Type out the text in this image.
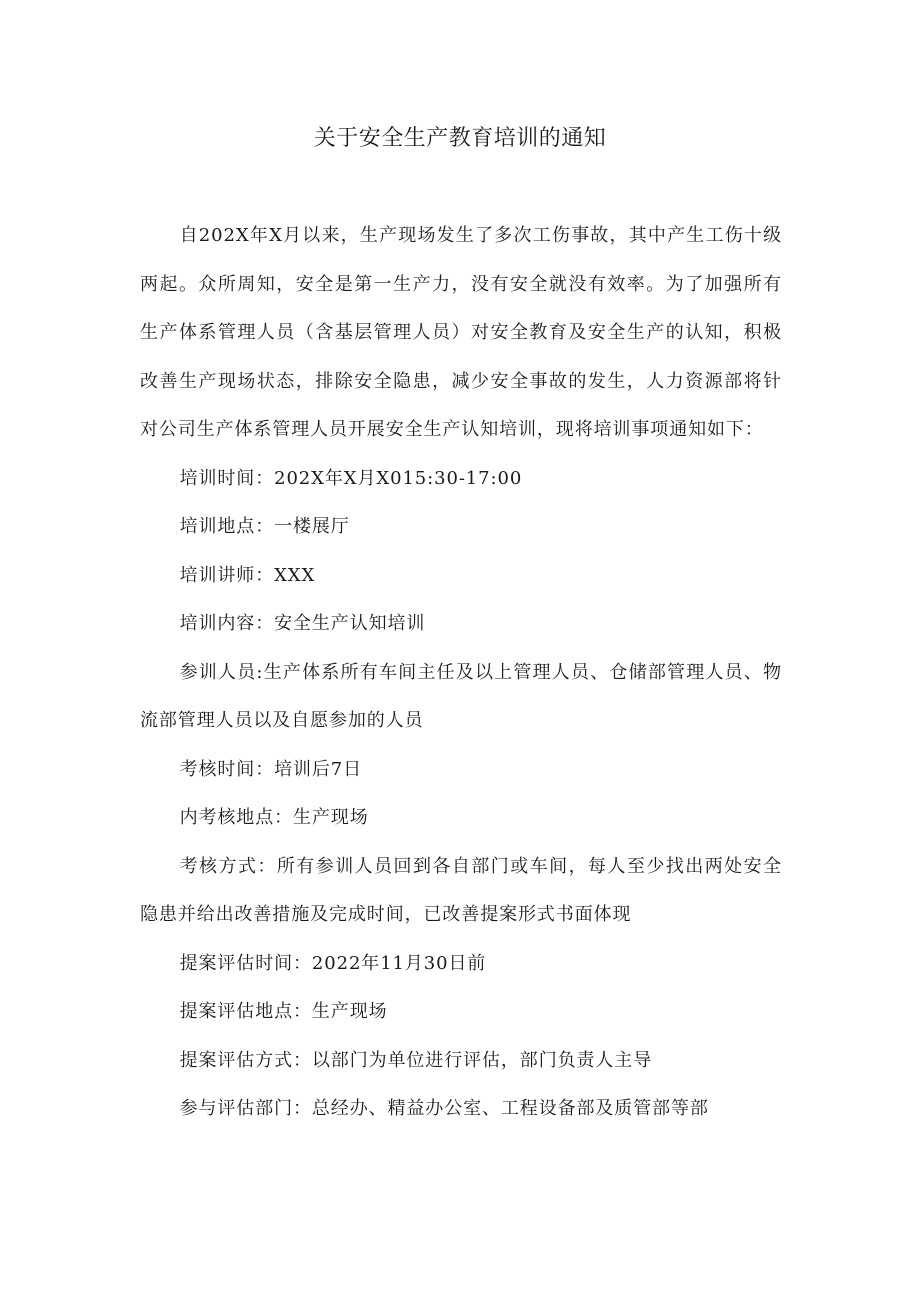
关于安全生产教育培训的通知

自202X年X月以来，生产现场发生了多次工伤事故，其中产生工伤十级两起。众所周知，安全是第一生产力，没有安全就没有效率。为了加强所有生产体系管理人员（含基层管理人员）对安全教育及安全生产的认知，积极改善生产现场状态，排除安全隐患，减少安全事故的发生，人力资源部将针对公司生产体系管理人员开展安全生产认知培训，现将培训事项通知如下：

培训时间：202X年X月X015:30-17:00

培训地点：一楼展厅

培训讲师：XXX

培训内容：安全生产认知培训

参训人员:生产体系所有车间主任及以上管理人员、仓储部管理人员、物流部管理人员以及自愿参加的人员

考核时间：培训后7日

内考核地点：生产现场

考核方式：所有参训人员回到各自部门或车间，每人至少找出两处安全隐患并给出改善措施及完成时间，已改善提案形式书面体现

提案评估时间：2022年11月30日前

提案评估地点：生产现场

提案评估方式：以部门为单位进行评估，部门负责人主导

参与评估部门：总经办、精益办公室、工程设备部及质管部等部
